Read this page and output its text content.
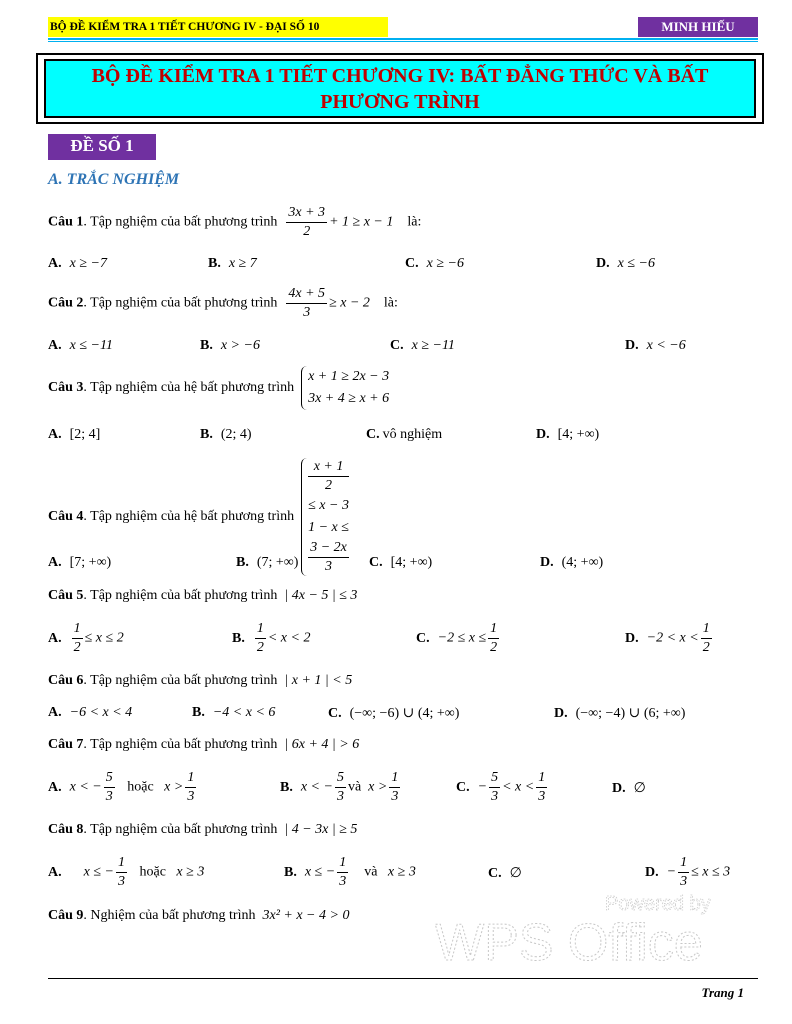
BỘ ĐỀ KIỂM TRA 1 TIẾT CHƯƠNG IV - ĐẠI SỐ 10	MINH HIẾU
BỘ ĐỀ KIỂM TRA 1 TIẾT CHƯƠNG IV: BẤT ĐẲNG THỨC VÀ BẤT PHƯƠNG TRÌNH
ĐỀ SỐ 1
A. TRẮC NGHIỆM
Câu 1. Tập nghiệm của bất phương trình $\frac{3x + 3}{2} + 1 \ge x - 1$ là:
A. x ≥ −7	B. x ≥ 7	C. x ≥ −6	D. x ≤ −6
Câu 2. Tập nghiệm của bất phương trình $\frac{4x + 5}{3} \ge x - 2$ là:
A. x ≤ −11	B. x > −6	C. x ≥ −11	D. x < −6
Câu 3. Tập nghiệm của hệ bất phương trình
x + 1 ≥ 2x − 3
3x + 4 ≥ x + 6
A. [2; 4]	B. (2; 4)	C. vô nghiệm	D. [4; +∞)
Câu 4. Tập nghiệm của hệ bất phương trình
x + 1
2
≤ x − 3
1 − x ≤
3 − 2x
3
A. [7; +∞)	B. (7; +∞)	C. [4; +∞)	D. (4; +∞)
Câu 5. Tập nghiệm của bất phương trình | 4x − 5 | ≤ 3
A. $\frac{1}{2} \le x \le 2$	B. $\frac{1}{2} < x < 2$	C. $-2 \le x \le \frac{1}{2}$	D. $-2 < x < \frac{1}{2}$
Câu 6. Tập nghiệm của bất phương trình | x + 1 | < 5
A. −6 < x < 4	B. −4 < x < 6	C. (−∞; −6) ∪ (4; +∞)	D. (−∞; −4) ∪ (6; +∞)
Câu 7. Tập nghiệm của bất phương trình | 6x + 4 | > 6
A. x < − $\frac{5}{3}$ hoặc $x > \frac{1}{3}$	B. x < − $\frac{5}{3}$ và $x > \frac{1}{3}$	C. − $\frac{5}{3} < x < \frac{1}{3}$	D. ∅
Câu 8. Tập nghiệm của bất phương trình | 4 − 3x | ≥ 5
A. x ≤ − $\frac{1}{3}$ hoặc x ≥ 3	B. x ≤ − $\frac{1}{3}$ và x ≥ 3	C. ∅	D. − $\frac{1}{3} \le x \le 3$
Câu 9. Nghiệm của bất phương trình 3x² + x − 4 > 0
Powered by
WPS Office
Trang 1
